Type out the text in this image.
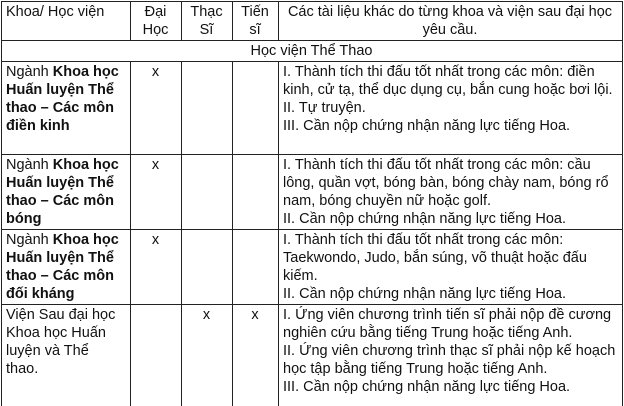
Khoa/ Học viện	Đại Học	Thạc Sĩ	Tiến sĩ	Các tài liệu khác do từng khoa và viện sau đại học yêu cầu.
Học viện Thể Thao				
Ngành Khoa học Huấn luyện Thể thao – Các môn điền kinh	x			I. Thành tích thi đấu tốt nhất trong các môn: điền kinh, cử tạ, thể dục dụng cụ, bắn cung hoặc bơi lội.
II. Tự truyện.
III. Cần nộp chứng nhận năng lực tiếng Hoa.

Ngành Khoa học Huấn luyện Thể thao – Các môn bóng	x			I. Thành tích thi đấu tốt nhất trong các môn: cầu lông, quần vợt, bóng bàn, bóng chày nam, bóng rổ nam, bóng chuyền nữ hoặc golf.
II. Cần nộp chứng nhận năng lực tiếng Hoa.

Ngành Khoa học Huấn luyện Thể thao – Các môn đối kháng	x			I. Thành tích thi đấu tốt nhất trong các môn: Taekwondo, Judo, bắn súng, võ thuật hoặc đấu kiếm.
II. Cần nộp chứng nhận năng lực tiếng Hoa.

Viện Sau đại học Khoa học Huấn luyện và Thể thao.		x	x	I. Ứng viên chương trình tiến sĩ phải nộp đề cương nghiên cứu bằng tiếng Trung hoặc tiếng Anh.
II. Ứng viên chương trình thạc sĩ phải nộp kế hoạch học tập bằng tiếng Trung hoặc tiếng Anh.
III. Cần nộp chứng nhận năng lực tiếng Hoa.
